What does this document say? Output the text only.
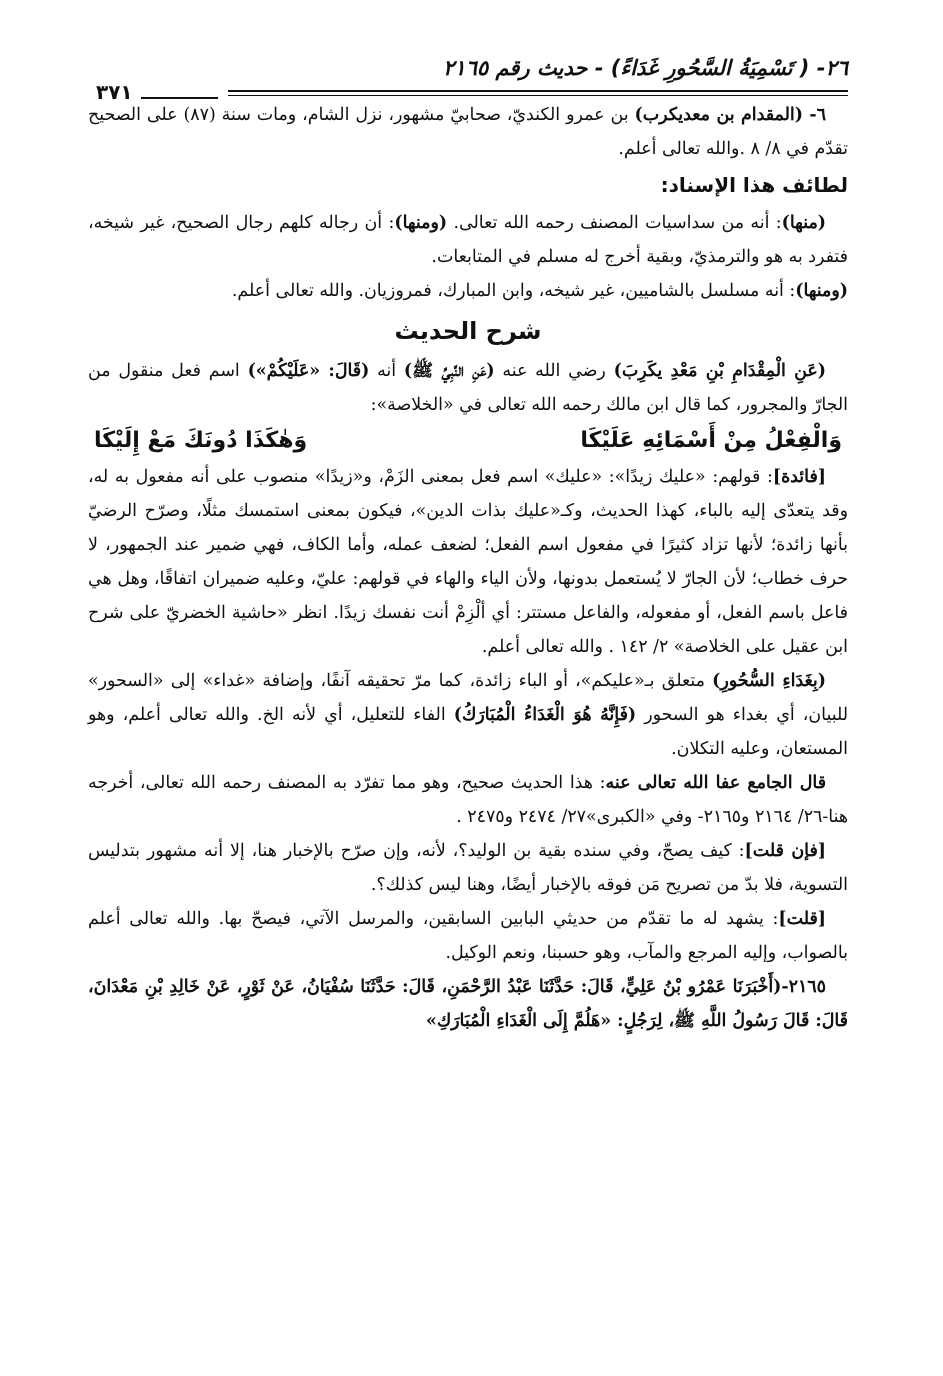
٢٦- ( تَسْمِيَةُ السَّحُورِ غَدَاءً) - حديث رقم ٢١٦٥
٣٧١

٦- (المقدام بن معديكرب) بن عمرو الكنديّ، صحابيّ مشهور، نزل الشام، ومات سنة (٨٧) على الصحيح تقدّم في ٨/ ٨ .والله تعالى أعلم.

لطائف هذا الإسناد:

(منها): أنه من سداسيات المصنف رحمه الله تعالى. (ومنها): أن رجاله كلهم رجال الصحيح، غير شيخه، فتفرد به هو والترمذيّ، وبقية أخرج له مسلم في المتابعات.

(ومنها): أنه مسلسل بالشاميين، غير شيخه، وابن المبارك، فمروزيان. والله تعالى أعلم.

شرح الحديث

(عَنِ الْمِقْدَامِ بْنِ مَعْدِ يكَرِبَ) رضي الله عنه (عَنِ النَّبِيِّ ﷺ) أنه (قَالَ: «عَلَيْكُمْ») اسم فعل منقول من الجارّ والمجرور، كما قال ابن مالك رحمه الله تعالى في «الخلاصة»:

وَالْفِعْلُ مِنْ أَسْمَائِهِ عَلَيْكَا
وَهٰكَذَا دُونَكَ مَعْ إِلَيْكَا

[فائدة]: قولهم: «عليك زيدًا»: «عليك» اسم فعل بمعنى الزَمْ، و«زيدًا» منصوب على أنه مفعول به له، وقد يتعدّى إليه بالباء، كهذا الحديث، وكـ«عليك بذات الدين»، فيكون بمعنى استمسك مثلًا، وصرّح الرضيّ بأنها زائدة؛ لأنها تزاد كثيرًا في مفعول اسم الفعل؛ لضعف عمله، وأما الكاف، فهي ضمير عند الجمهور، لا حرف خطاب؛ لأن الجارّ لا يُستعمل بدونها، ولأن الياء والهاء في قولهم: عليّ، وعليه ضميران اتفاقًا، وهل هي فاعل باسم الفعل، أو مفعوله، والفاعل مستتر: أي ألْزِمْ أنت نفسك زيدًا. انظر «حاشية الخضريّ على شرح ابن عقيل على الخلاصة» ٢/ ١٤٢ . والله تعالى أعلم.

(بِغَدَاءِ السُّحُورِ) متعلق بـ«عليكم»، أو الباء زائدة، كما مرّ تحقيقه آنفًا، وإضافة «غداء» إلى «السحور» للبيان، أي بغداء هو السحور (فَإِنَّهُ هُوَ الْغَدَاءُ الْمُبَارَكُ) الفاء للتعليل، أي لأنه الخ. والله تعالى أعلم، وهو المستعان، وعليه التكلان.

قال الجامع عفا الله تعالى عنه: هذا الحديث صحيح، وهو مما تفرّد به المصنف رحمه الله تعالى، أخرجه هنا-٢٦/ ٢١٦٤ و٢١٦٥- وفي «الكبرى»٢٧/ ٢٤٧٤ و٢٤٧٥ .

[فإن قلت]: كيف يصحّ، وفي سنده بقية بن الوليد؟، لأنه، وإن صرّح بالإخبار هنا، إلا أنه مشهور بتدليس التسوية، فلا بدّ من تصريح مَن فوقه بالإخبار أيضًا، وهنا ليس كذلك؟.

[قلت]: يشهد له ما تقدّم من حديثي البابين السابقين، والمرسل الآتي، فيصحّ بها. والله تعالى أعلم بالصواب، وإليه المرجع والمآب، وهو حسبنا، ونعم الوكيل.

٢١٦٥-(أَخْبَرَنَا عَمْرُو بْنُ عَلِيٍّ، قَالَ: حَدَّثَنَا عَبْدُ الرَّحْمَنِ، قَالَ: حَدَّثَنَا سُفْيَانُ، عَنْ ثَوْرٍ، عَنْ خَالِدِ بْنِ مَعْدَانَ، قَالَ: قَالَ رَسُولُ اللَّهِ ﷺ، لِرَجُلٍ: «هَلُمَّ إِلَى الْغَدَاءِ الْمُبَارَكِ»
